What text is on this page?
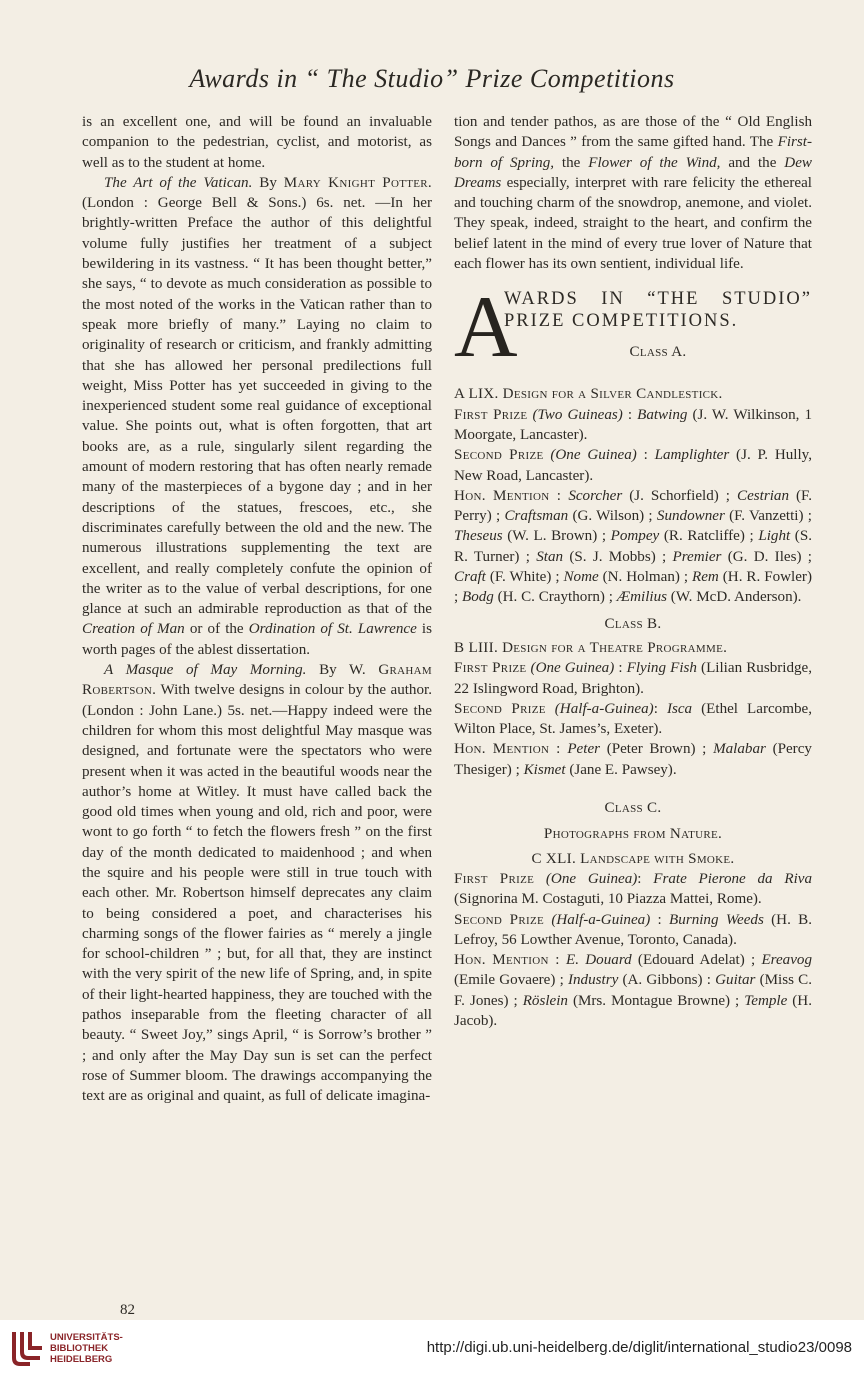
Awards in “ The Studio” Prize Competitions

is an excellent one, and will be found an invaluable companion to the pedestrian, cyclist, and motorist, as well as to the student at home.

The Art of the Vatican. By Mary Knight Potter. (London : George Bell & Sons.) 6s. net. —In her brightly-written Preface the author of this delightful volume fully justifies her treatment of a subject bewildering in its vastness. “ It has been thought better,” she says, “ to devote as much consideration as possible to the most noted of the works in the Vatican rather than to speak more briefly of many.” Laying no claim to originality of research or criticism, and frankly admitting that she has allowed her personal predilections full weight, Miss Potter has yet succeeded in giving to the inexperienced student some real guidance of exceptional value. She points out, what is often forgotten, that art books are, as a rule, singularly silent regarding the amount of modern restoring that has often nearly remade many of the masterpieces of a bygone day ; and in her descriptions of the statues, frescoes, etc., she discriminates carefully between the old and the new. The numerous illustrations supplementing the text are excellent, and really completely confute the opinion of the writer as to the value of verbal descriptions, for one glance at such an admirable reproduction as that of the Creation of Man or of the Ordination of St. Lawrence is worth pages of the ablest dissertation.

A Masque of May Morning. By W. Graham Robertson. With twelve designs in colour by the author. (London : John Lane.) 5s. net.—Happy indeed were the children for whom this most delightful May masque was designed, and fortunate were the spectators who were present when it was acted in the beautiful woods near the author’s home at Witley. It must have called back the good old times when young and old, rich and poor, were wont to go forth “ to fetch the flowers fresh ” on the first day of the month dedicated to maidenhood ; and when the squire and his people were still in true touch with each other. Mr. Robertson himself deprecates any claim to being considered a poet, and characterises his charming songs of the flower fairies as “ merely a jingle for school-children ” ; but, for all that, they are instinct with the very spirit of the new life of Spring, and, in spite of their light-hearted happiness, they are touched with the pathos inseparable from the fleeting character of all beauty. “ Sweet Joy,” sings April, “ is Sorrow’s brother ” ; and only after the May Day sun is set can the perfect rose of Summer bloom. The drawings accompanying the text are as original and quaint, as full of delicate imagina-

tion and tender pathos, as are those of the “ Old English Songs and Dances ” from the same gifted hand. The First-born of Spring, the Flower of the Wind, and the Dew Dreams especially, interpret with rare felicity the ethereal and touching charm of the snowdrop, anemone, and violet. They speak, indeed, straight to the heart, and confirm the belief latent in the mind of every true lover of Nature that each flower has its own sentient, individual life.

A
WARDS IN “THE STUDIO” PRIZE COMPETITIONS.
Class A.

A LIX. Design for a Silver Candlestick.

First Prize (Two Guineas) : Batwing (J. W. Wilkinson, 1 Moorgate, Lancaster).

Second Prize (One Guinea) : Lamplighter (J. P. Hully, New Road, Lancaster).

Hon. Mention : Scorcher (J. Schorfield) ; Cestrian (F. Perry) ; Craftsman (G. Wilson) ; Sundowner (F. Vanzetti) ; Theseus (W. L. Brown) ; Pompey (R. Ratcliffe) ; Light (S. R. Turner) ; Stan (S. J. Mobbs) ; Premier (G. D. Iles) ; Craft (F. White) ; Nome (N. Holman) ; Rem (H. R. Fowler) ; Bodg (H. C. Craythorn) ; Æmilius (W. McD. Anderson).

Class B.

B LIII. Design for a Theatre Programme.

First Prize (One Guinea) : Flying Fish (Lilian Rusbridge, 22 Islingword Road, Brighton).

Second Prize (Half-a-Guinea): Isca (Ethel Larcombe, Wilton Place, St. James’s, Exeter).

Hon. Mention : Peter (Peter Brown) ; Malabar (Percy Thesiger) ; Kismet (Jane E. Pawsey).

Class C.
Photographs from Nature.

C XLI. Landscape with Smoke.

First Prize (One Guinea): Frate Pierone da Riva (Signorina M. Costaguti, 10 Piazza Mattei, Rome).

Second Prize (Half-a-Guinea) : Burning Weeds (H. B. Lefroy, 56 Lowther Avenue, Toronto, Canada).

Hon. Mention : E. Douard (Edouard Adelat) ; Ereavog (Emile Govaere) ; Industry (A. Gibbons) : Guitar (Miss C. F. Jones) ; Röslein (Mrs. Montague Browne) ; Temple (H. Jacob).

82
UNIVERSITÄTS-
BIBLIOTHEK
HEIDELBERG
http://digi.ub.uni-heidelberg.de/diglit/international_studio23/0098
